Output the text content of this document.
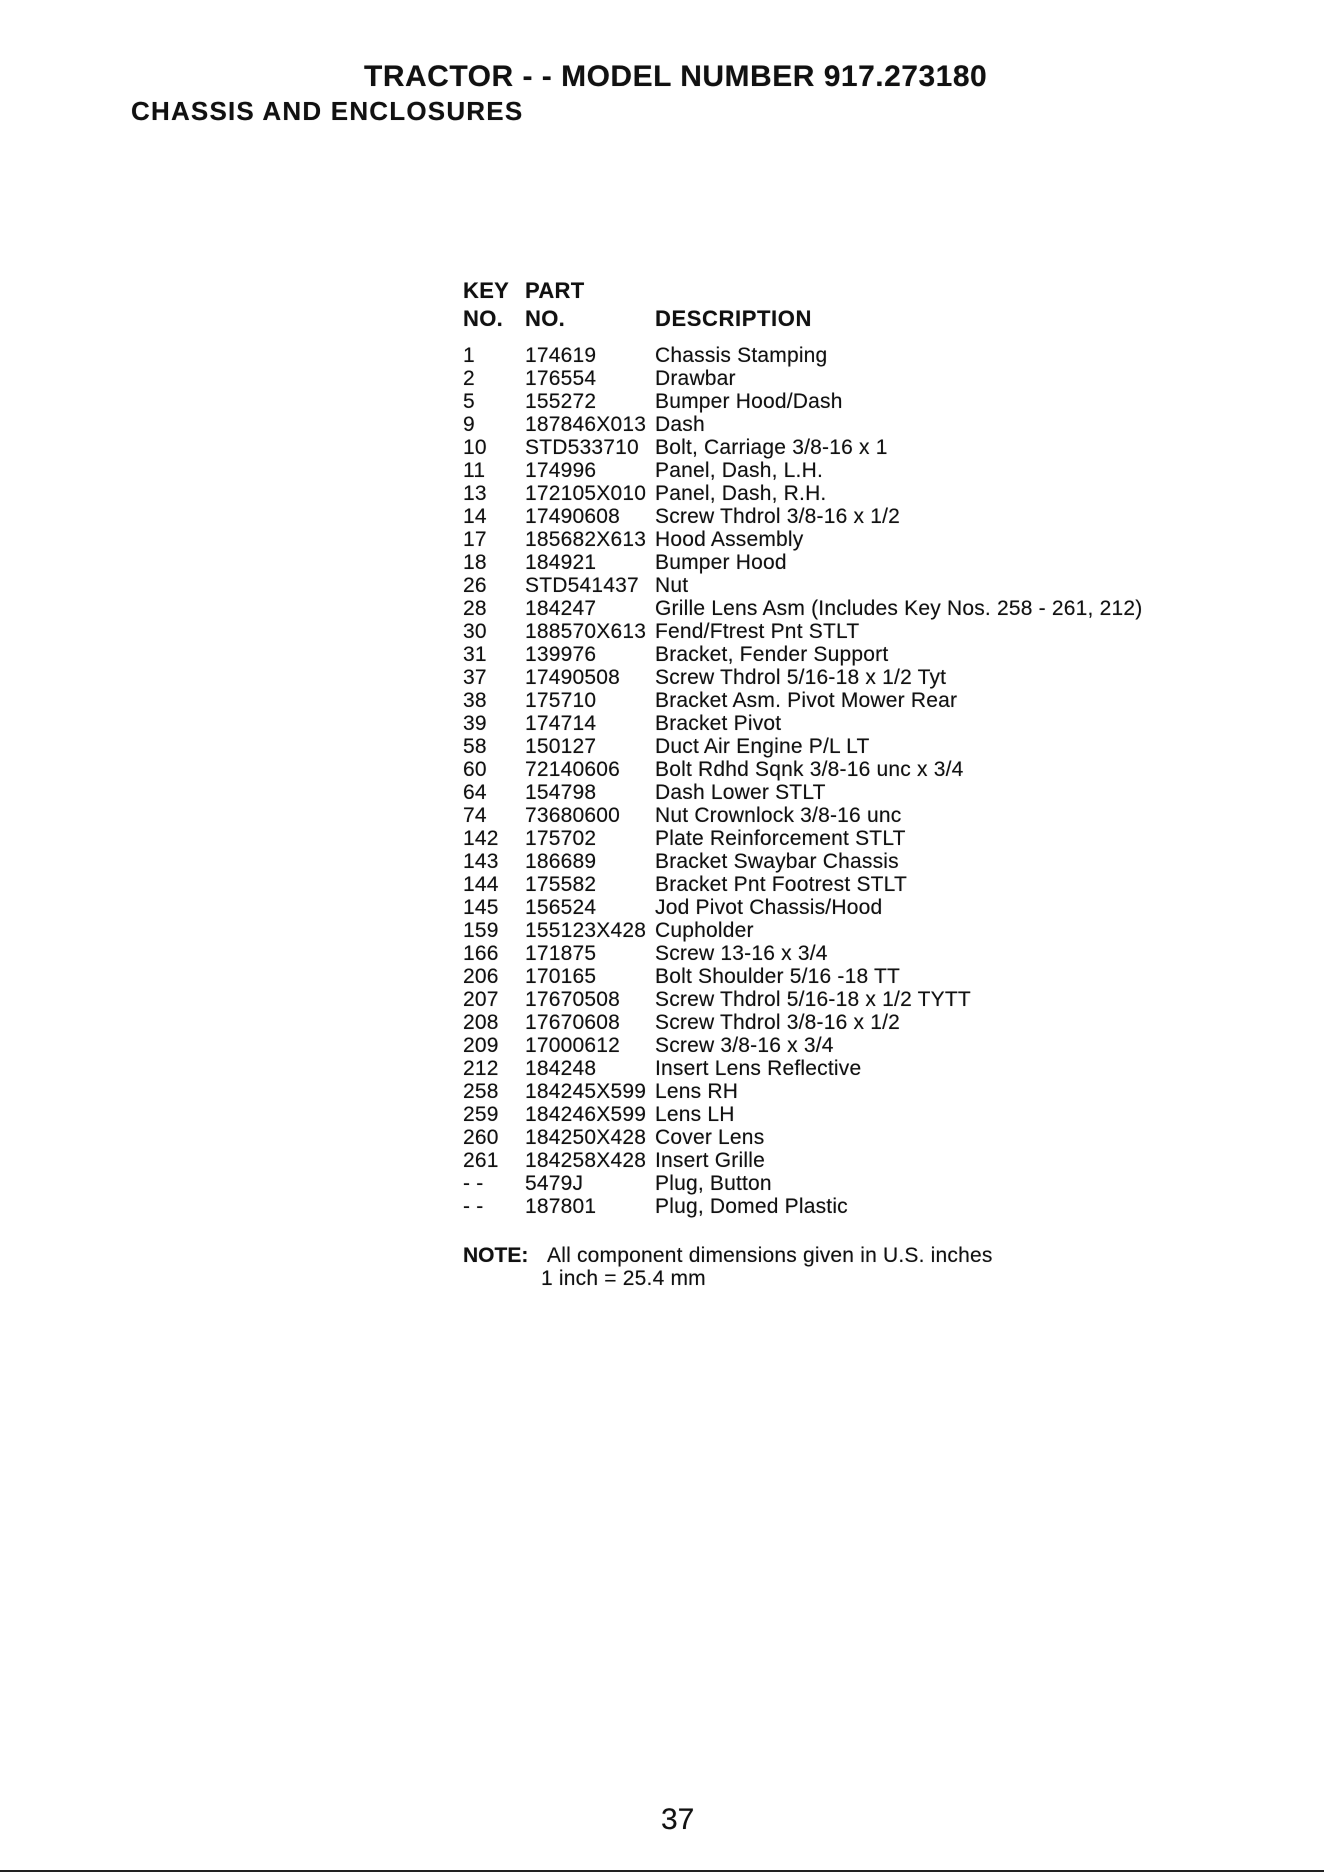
TRACTOR - - MODEL NUMBER 917.273180
CHASSIS AND ENCLOSURES
KEY PART
NO. NO.	DESCRIPTION
1 174619	Chassis Stamping
2 176554	Drawbar
5 155272	Bumper Hood/Dash
9 187846X013 Dash
10 STD533710 Bolt, Carriage 3/8-16 x 1
11 174996	Panel, Dash, L.H.
13 172105X010 Panel, Dash, R.H.
14 17490608 Screw Thdrol 3/8-16 x 1/2
17 185682X613 Hood Assembly
18 184921	Bumper Hood
26 STD541437 Nut
28 184247	Grille Lens Asm (Includes Key Nos. 258 - 261, 212)
30 188570X613 Fend/Ftrest Pnt STLT
31 139976	Bracket, Fender Support
37 17490508 Screw Thdrol 5/16-18 x 1/2 Tyt
38 175710	Bracket Asm. Pivot Mower Rear
39 174714	Bracket Pivot
58 150127	Duct Air Engine P/L LT
60 72140606 Bolt Rdhd Sqnk 3/8-16 unc x 3/4
64 154798	Dash Lower STLT
74 73680600 Nut Crownlock 3/8-16 unc
142 175702	Plate Reinforcement STLT
143 186689	Bracket Swaybar Chassis
144 175582	Bracket Pnt Footrest STLT
145 156524	Jod Pivot Chassis/Hood
159 155123X428 Cupholder
166 171875	Screw 13-16 x 3/4
206 170165	Bolt Shoulder 5/16 -18 TT
207 17670508 Screw Thdrol 5/16-18 x 1/2 TYTT
208 17670608 Screw Thdrol 3/8-16 x 1/2
209 17000612 Screw 3/8-16 x 3/4
212 184248	Insert Lens Reflective
258 184245X599 Lens RH
259 184246X599 Lens LH
260 184250X428 Cover Lens
261 184258X428 Insert Grille
- - 5479J	Plug, Button
- - 187801	Plug, Domed Plastic
NOTE: All component dimensions given in U.S. inches
1 inch = 25.4 mm
37
